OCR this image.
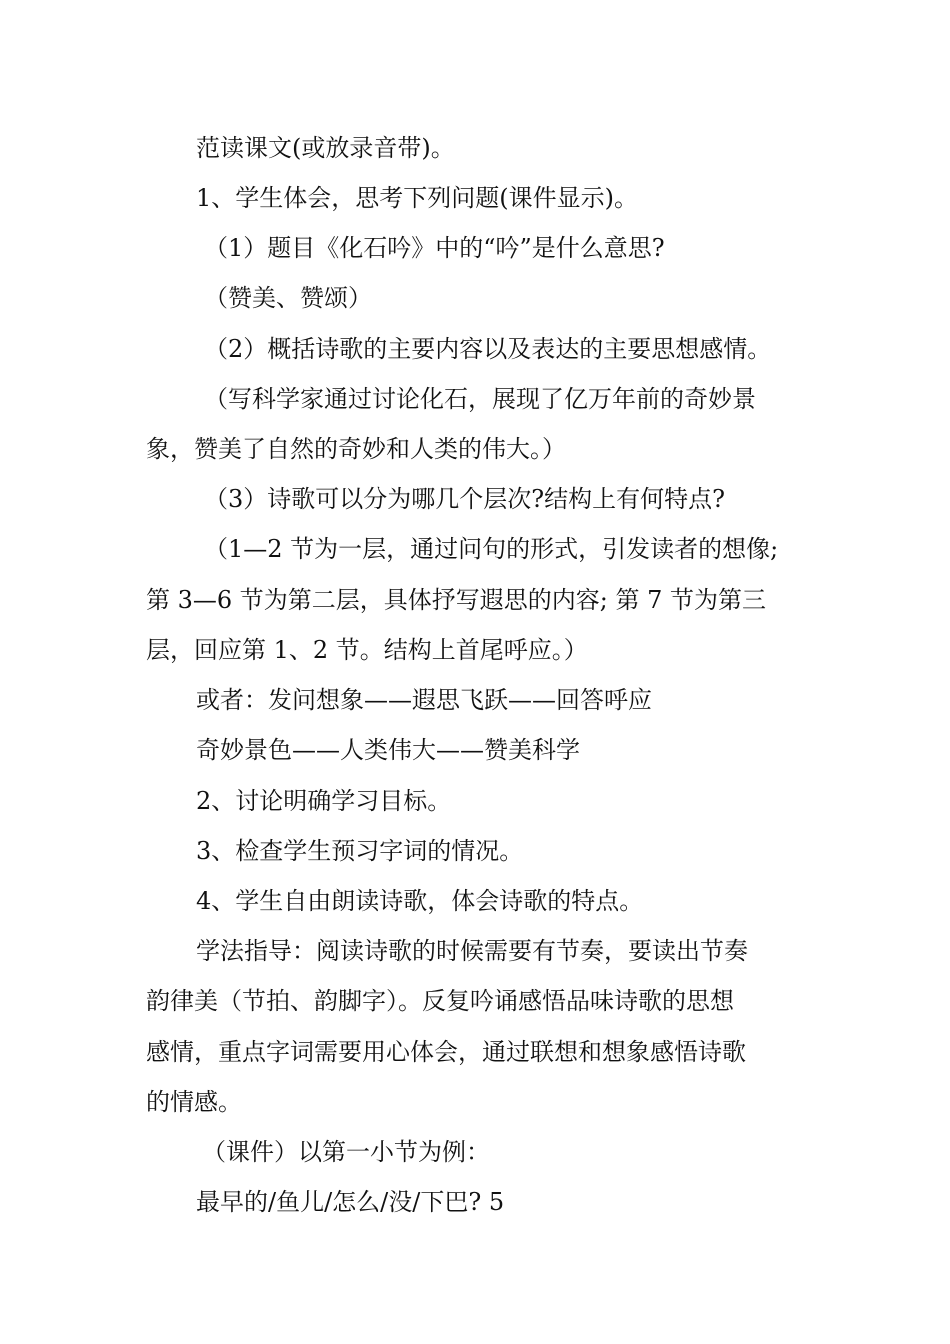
范读课文(或放录音带)。
1、学生体会，思考下列问题(课件显示)。
（1）题目《化石吟》中的“吟”是什么意思?
（赞美、赞颂）
（2）概括诗歌的主要内容以及表达的主要思想感情。
（写科学家通过讨论化石，展现了亿万年前的奇妙景
象，赞美了自然的奇妙和人类的伟大。）
（3）诗歌可以分为哪几个层次?结构上有何特点?
（1—2 节为一层，通过问句的形式，引发读者的想像;
第 3—6 节为第二层，具体抒写遐思的内容; 第 7 节为第三
层，回应第 1、2 节。结构上首尾呼应。）
或者：发问想象——遐思飞跃——回答呼应
奇妙景色——人类伟大——赞美科学
2、讨论明确学习目标。
3、检查学生预习字词的情况。
4、学生自由朗读诗歌，体会诗歌的特点。
学法指导：阅读诗歌的时候需要有节奏，要读出节奏
韵律美（节拍、韵脚字）。反复吟诵感悟品味诗歌的思想
感情，重点字词需要用心体会，通过联想和想象感悟诗歌
的情感。
（课件）以第一小节为例：
最早的/鱼儿/怎么/没/下巴? 5
